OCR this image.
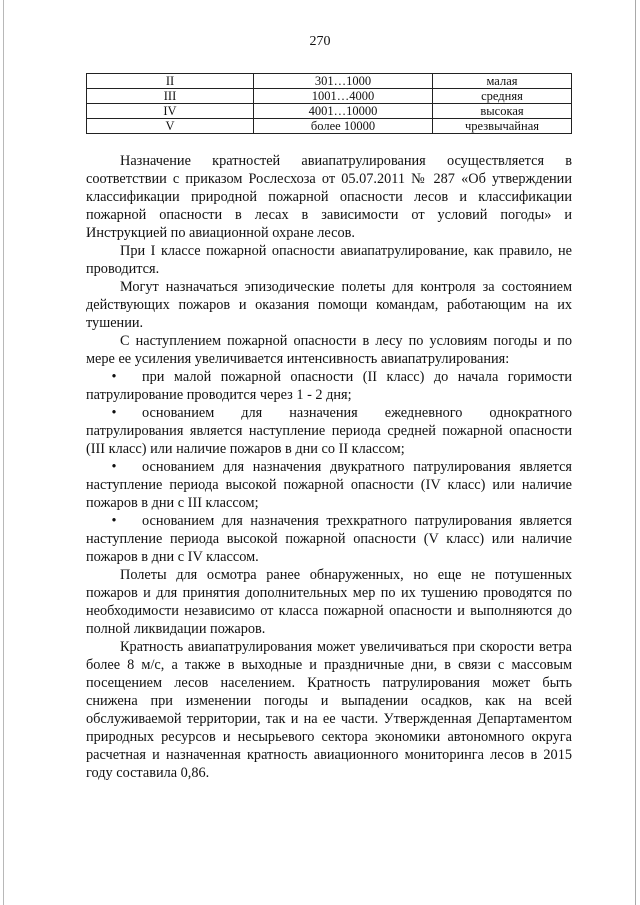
270
II	301…1000	малая
III	1001…4000	средняя
IV	4001…10000	высокая
V	более 10000	чрезвычайная

Назначение кратностей авиапатрулирования осуществляется в соответствии с приказом Рослесхоза от 05.07.2011 № 287 «Об утверждении классификации природной пожарной опасности лесов и классификации пожарной опасности в лесах в зависимости от условий погоды» и Инструкцией по авиационной охране лесов.

При I классе пожарной опасности авиапатрулирование, как правило, не проводится.

Могут назначаться эпизодические полеты для контроля за состоянием действующих пожаров и оказания помощи командам, работающим на их тушении.

С наступлением пожарной опасности в лесу по условиям погоды и по мере ее усиления увеличивается интенсивность авиапатрулирования:

• при малой пожарной опасности (II класс) до начала горимости патрулирование проводится через 1 - 2 дня;

• основанием для назначения ежедневного однократного патрулирования является наступление периода средней пожарной опасности (III класс) или наличие пожаров в дни со II классом;

• основанием для назначения двукратного патрулирования является наступление периода высокой пожарной опасности (IV класс) или наличие пожаров в дни с III классом;

• основанием для назначения трехкратного патрулирования является наступление периода высокой пожарной опасности (V класс) или наличие пожаров в дни с IV классом.

Полеты для осмотра ранее обнаруженных, но еще не потушенных пожаров и для принятия дополнительных мер по их тушению проводятся по необходимости независимо от класса пожарной опасности и выполняются до полной ликвидации пожаров.

Кратность авиапатрулирования может увеличиваться при скорости ветра более 8 м/с, а также в выходные и праздничные дни, в связи с массовым посещением лесов населением. Кратность патрулирования может быть снижена при изменении погоды и выпадении осадков, как на всей обслуживаемой территории, так и на ее части. Утвержденная Департаментом природных ресурсов и несырьевого сектора экономики автономного округа расчетная и назначенная кратность авиационного мониторинга лесов в 2015 году составила 0,86.
